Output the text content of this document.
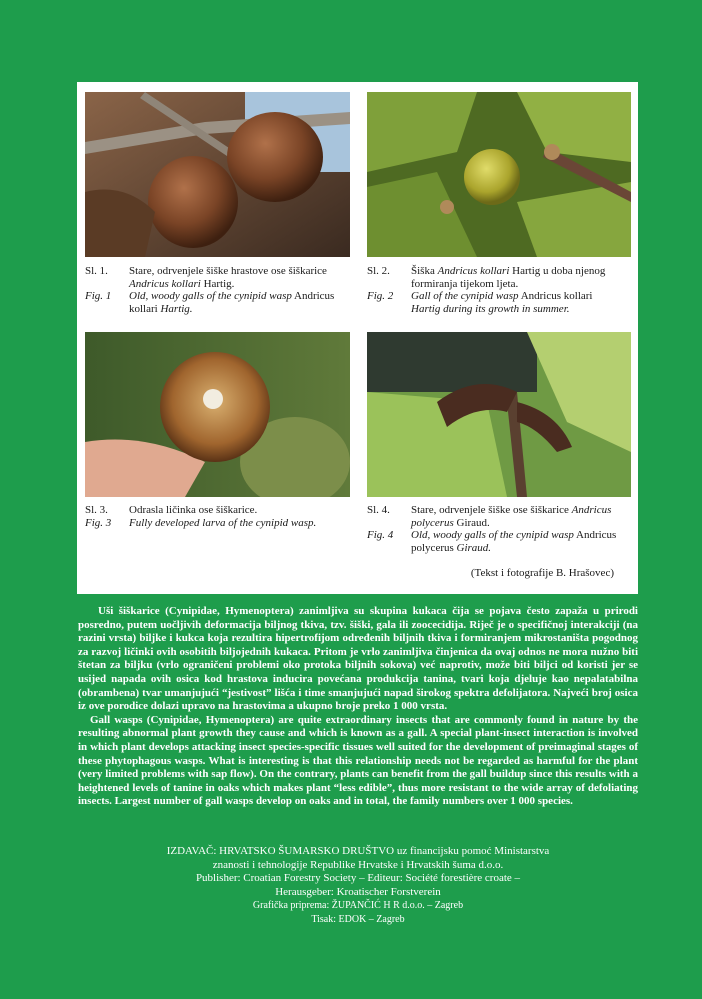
Sl. 1.	Stare, odrvenjele šiške hrastove ose šiškarice
Andricus kollari Hartig.
Fig. 1	Old, woody galls of the cynipid wasp Andricus
kollari Hartig.
Sl. 2.	Šiška Andricus kollari Hartig u doba njenog
formiranja tijekom ljeta.
Fig. 2	Gall of the cynipid wasp Andricus kollari
Hartig during its growth in summer.
Sl. 3.	Odrasla ličinka ose šiškarice.
Fig. 3	Fully developed larva of the cynipid wasp.
Sl. 4.	Stare, odrvenjele šiške ose šiškarice Andricus
polycerus Giraud.
Fig. 4	Old, woody galls of the cynipid wasp Andricus
polycerus Giraud.
(Tekst i fotografije B. Hrašovec)

Uši šiškarice (Cynipidae, Hymenoptera) zanimljiva su skupina kukaca čija se pojava često zapaža u prirodi posredno, putem uočljivih deformacija biljnog tkiva, tzv. šiški, gala ili zoocecidija. Riječ je o specifičnoj interakciji (na razini vrsta) biljke i kukca koja rezultira hipertrofijom određenih biljnih tkiva i formiranjem mikrostaništa pogodnog za razvoj ličinki ovih osobitih biljojednih kukaca. Pritom je vrlo zanimljiva činjenica da ovaj odnos ne mora nužno biti štetan za biljku (vrlo ograničeni problemi oko protoka biljnih sokova) već naprotiv, može biti biljci od koristi jer se usijed napada ovih osica kod hrastova inducira povećana produkcija tanina, tvari koja djeluje kao nepalatabilna (obrambena) tvar umanjujući “jestivost” lišća i time smanjujući napad širokog spektra defolijatora. Najveći broj osica iz ove porodice dolazi upravo na hrastovima a ukupno broje preko 1 000 vrsta.

Gall wasps (Cynipidae, Hymenoptera) are quite extraordinary insects that are commonly found in nature by the resulting abnormal plant growth they cause and which is known as a gall. A special plant-insect interaction is involved in which plant develops attacking insect species-specific tissues well suited for the development of preimaginal stages of these phytophagous wasps. What is interesting is that this relationship needs not be regarded as harmful for the plant (very limited problems with sap flow). On the contrary, plants can benefit from the gall buildup since this results with a heightened levels of tanine in oaks which makes plant “less edible”, thus more resistant to the wide array of defoliating insects. Largest number of gall wasps develop on oaks and in total, the family numbers over 1 000 species.

IZDAVAČ: HRVATSKO ŠUMARSKO DRUŠTVO uz financijsku pomoć Ministarstva
znanosti i tehnologije Republike Hrvatske i Hrvatskih šuma d.o.o.
Publisher: Croatian Forestry Society – Editeur: Société forestière croate –
Herausgeber: Kroatischer Forstverein
Grafička priprema: ŽUPANČIĆ H R d.o.o. – Zagreb
Tisak: EDOK – Zagreb
